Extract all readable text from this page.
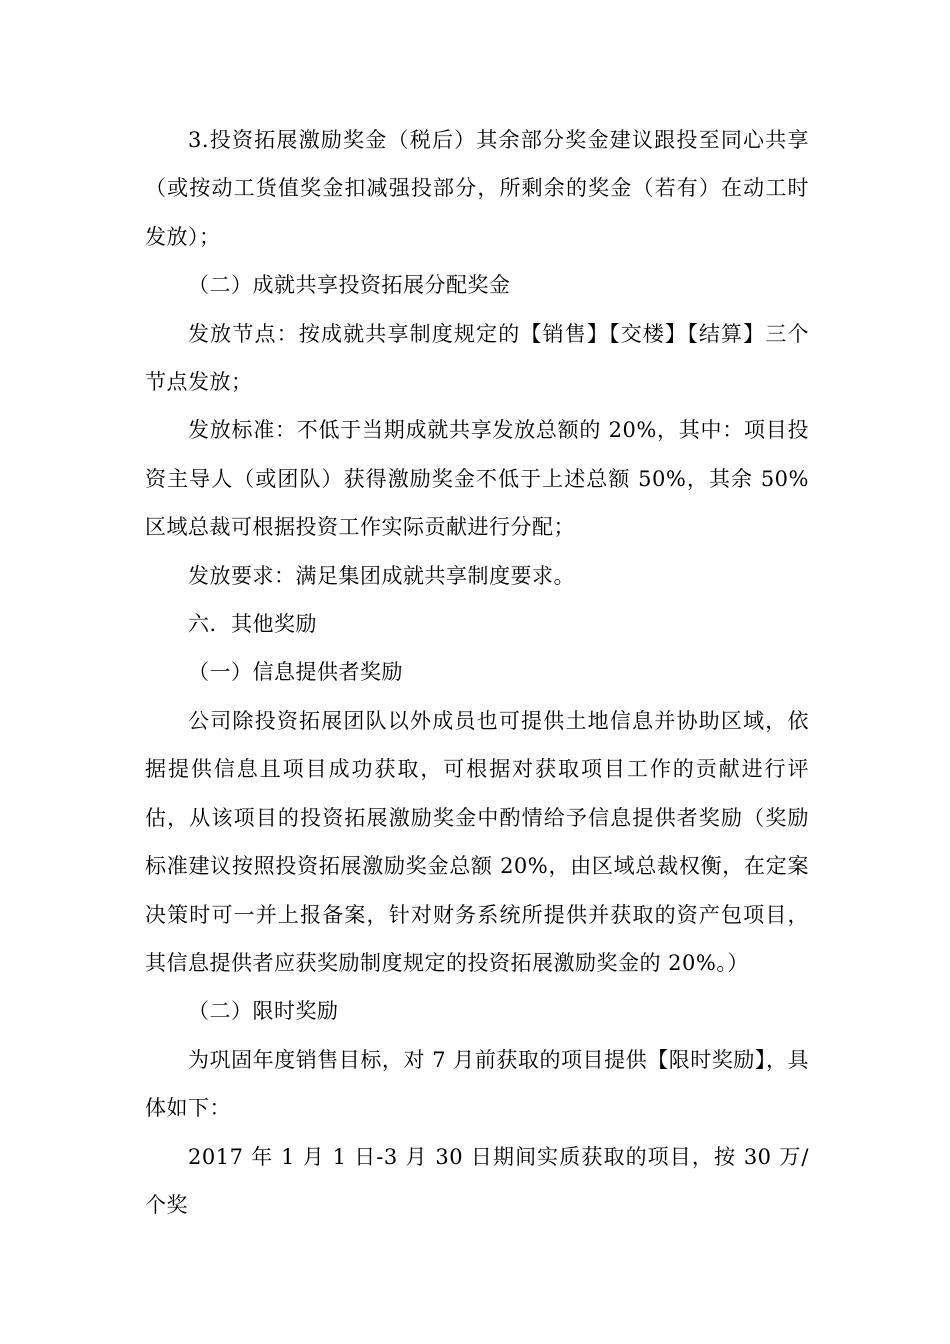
3.投资拓展激励奖金（税后）其余部分奖金建议跟投至同心共享（或按动工货值奖金扣减强投部分，所剩余的奖金（若有）在动工时发放）；

（二）成就共享投资拓展分配奖金

发放节点：按成就共享制度规定的【销售】【交楼】【结算】三个节点发放；

发放标准：不低于当期成就共享发放总额的 20%，其中：项目投资主导人（或团队）获得激励奖金不低于上述总额 50%，其余 50%区域总裁可根据投资工作实际贡献进行分配；

发放要求：满足集团成就共享制度要求。

六．其他奖励

（一）信息提供者奖励

公司除投资拓展团队以外成员也可提供土地信息并协助区域，依据提供信息且项目成功获取，可根据对获取项目工作的贡献进行评估，从该项目的投资拓展激励奖金中酌情给予信息提供者奖励（奖励标准建议按照投资拓展激励奖金总额 20%，由区域总裁权衡，在定案决策时可一并上报备案，针对财务系统所提供并获取的资产包项目，其信息提供者应获奖励制度规定的投资拓展激励奖金的 20%。）

（二）限时奖励

为巩固年度销售目标，对 7 月前获取的项目提供【限时奖励】，具体如下：

2017 年 1 月 1 日-3 月 30 日期间实质获取的项目，按 30 万/个奖
